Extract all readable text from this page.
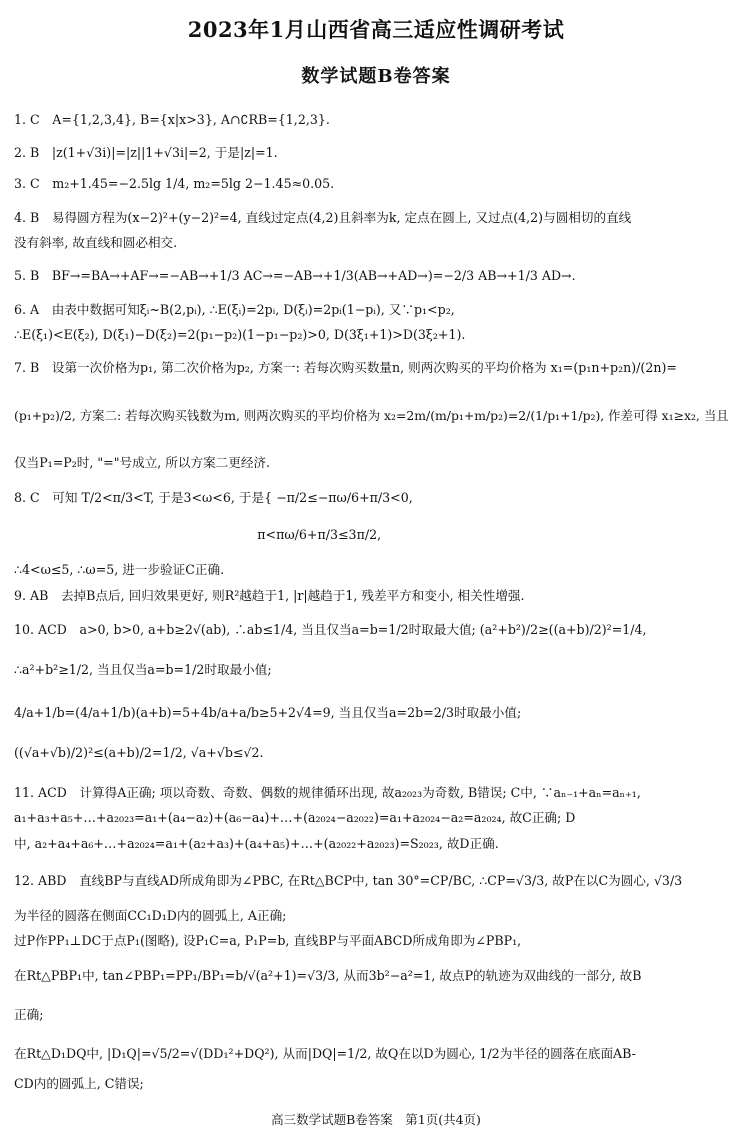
2023年1月山西省高三适应性调研考试
数学试题B卷答案
1. C　A={1,2,3,4}, B={x|x>3}, A∩∁RB={1,2,3}.
2. B　|z(1+√3i)|=|z||1+√3i|=2, 于是|z|=1.
3. C　m₂+1.45=−2.5lg 1/4, m₂=5lg 2−1.45≈0.05.
4. B　易得圆方程为(x−2)²+(y−2)²=4, 直线过定点(4,2)且斜率为k, 定点在圆上, 又过点(4,2)与圆相切的直线
没有斜率, 故直线和圆必相交.
5. B　BF→=BA→+AF→=−AB→+1/3 AC→=−AB→+1/3(AB→+AD→)=−2/3 AB→+1/3 AD→.
6. A　由表中数据可知ξᵢ~B(2,pᵢ), ∴E(ξᵢ)=2pᵢ, D(ξᵢ)=2pᵢ(1−pᵢ), 又∵p₁<p₂,
∴E(ξ₁)<E(ξ₂), D(ξ₁)−D(ξ₂)=2(p₁−p₂)(1−p₁−p₂)>0, D(3ξ₁+1)>D(3ξ₂+1).
7. B　设第一次价格为p₁, 第二次价格为p₂, 方案一: 若每次购买数量n, 则两次购买的平均价格为 x₁=(p₁n+p₂n)/(2n)=
(p₁+p₂)/2, 方案二: 若每次购买钱数为m, 则两次购买的平均价格为 x₂=2m/(m/p₁+m/p₂)=2/(1/p₁+1/p₂), 作差可得 x₁≥x₂, 当且
仅当P₁=P₂时, "="号成立, 所以方案二更经济.
8. C　可知 T/2<π/3<T, 于是3<ω<6, 于是{ −π/2≤−πω/6+π/3<0,
　　　　　　　　　　　　　　　　　　　 π<πω/6+π/3≤3π/2,
∴4<ω≤5, ∴ω=5, 进一步验证C正确.
9. AB　去掉B点后, 回归效果更好, 则R²越趋于1, |r|越趋于1, 残差平方和变小, 相关性增强.
10. ACD　a>0, b>0, a+b≥2√(ab), ∴ab≤1/4, 当且仅当a=b=1/2时取最大值; (a²+b²)/2≥((a+b)/2)²=1/4,
∴a²+b²≥1/2, 当且仅当a=b=1/2时取最小值;
4/a+1/b=(4/a+1/b)(a+b)=5+4b/a+a/b≥5+2√4=9, 当且仅当a=2b=2/3时取最小值;
((√a+√b)/2)²≤(a+b)/2=1/2, √a+√b≤√2.
11. ACD　计算得A正确; 项以奇数、奇数、偶数的规律循环出现, 故a₂₀₂₃为奇数, B错误; C中, ∵aₙ₋₁+aₙ=aₙ₊₁,
a₁+a₃+a₅+…+a₂₀₂₃=a₁+(a₄−a₂)+(a₆−a₄)+…+(a₂₀₂₄−a₂₀₂₂)=a₁+a₂₀₂₄−a₂=a₂₀₂₄, 故C正确; D
中, a₂+a₄+a₆+…+a₂₀₂₄=a₁+(a₂+a₃)+(a₄+a₅)+…+(a₂₀₂₂+a₂₀₂₃)=S₂₀₂₃, 故D正确.
12. ABD　直线BP与直线AD所成角即为∠PBC, 在Rt△BCP中, tan 30°=CP/BC, ∴CP=√3/3, 故P在以C为圆心, √3/3
为半径的圆落在侧面CC₁D₁D内的圆弧上, A正确;
过P作PP₁⊥DC于点P₁(图略), 设P₁C=a, P₁P=b, 直线BP与平面ABCD所成角即为∠PBP₁,
在Rt△PBP₁中, tan∠PBP₁=PP₁/BP₁=b/√(a²+1)=√3/3, 从而3b²−a²=1, 故点P的轨迹为双曲线的一部分, 故B
正确;
在Rt△D₁DQ中, |D₁Q|=√5/2=√(DD₁²+DQ²), 从而|DQ|=1/2, 故Q在以D为圆心, 1/2为半径的圆落在底面AB-
CD内的圆弧上, C错误;
高三数学试题B卷答案　第1页(共4页)
